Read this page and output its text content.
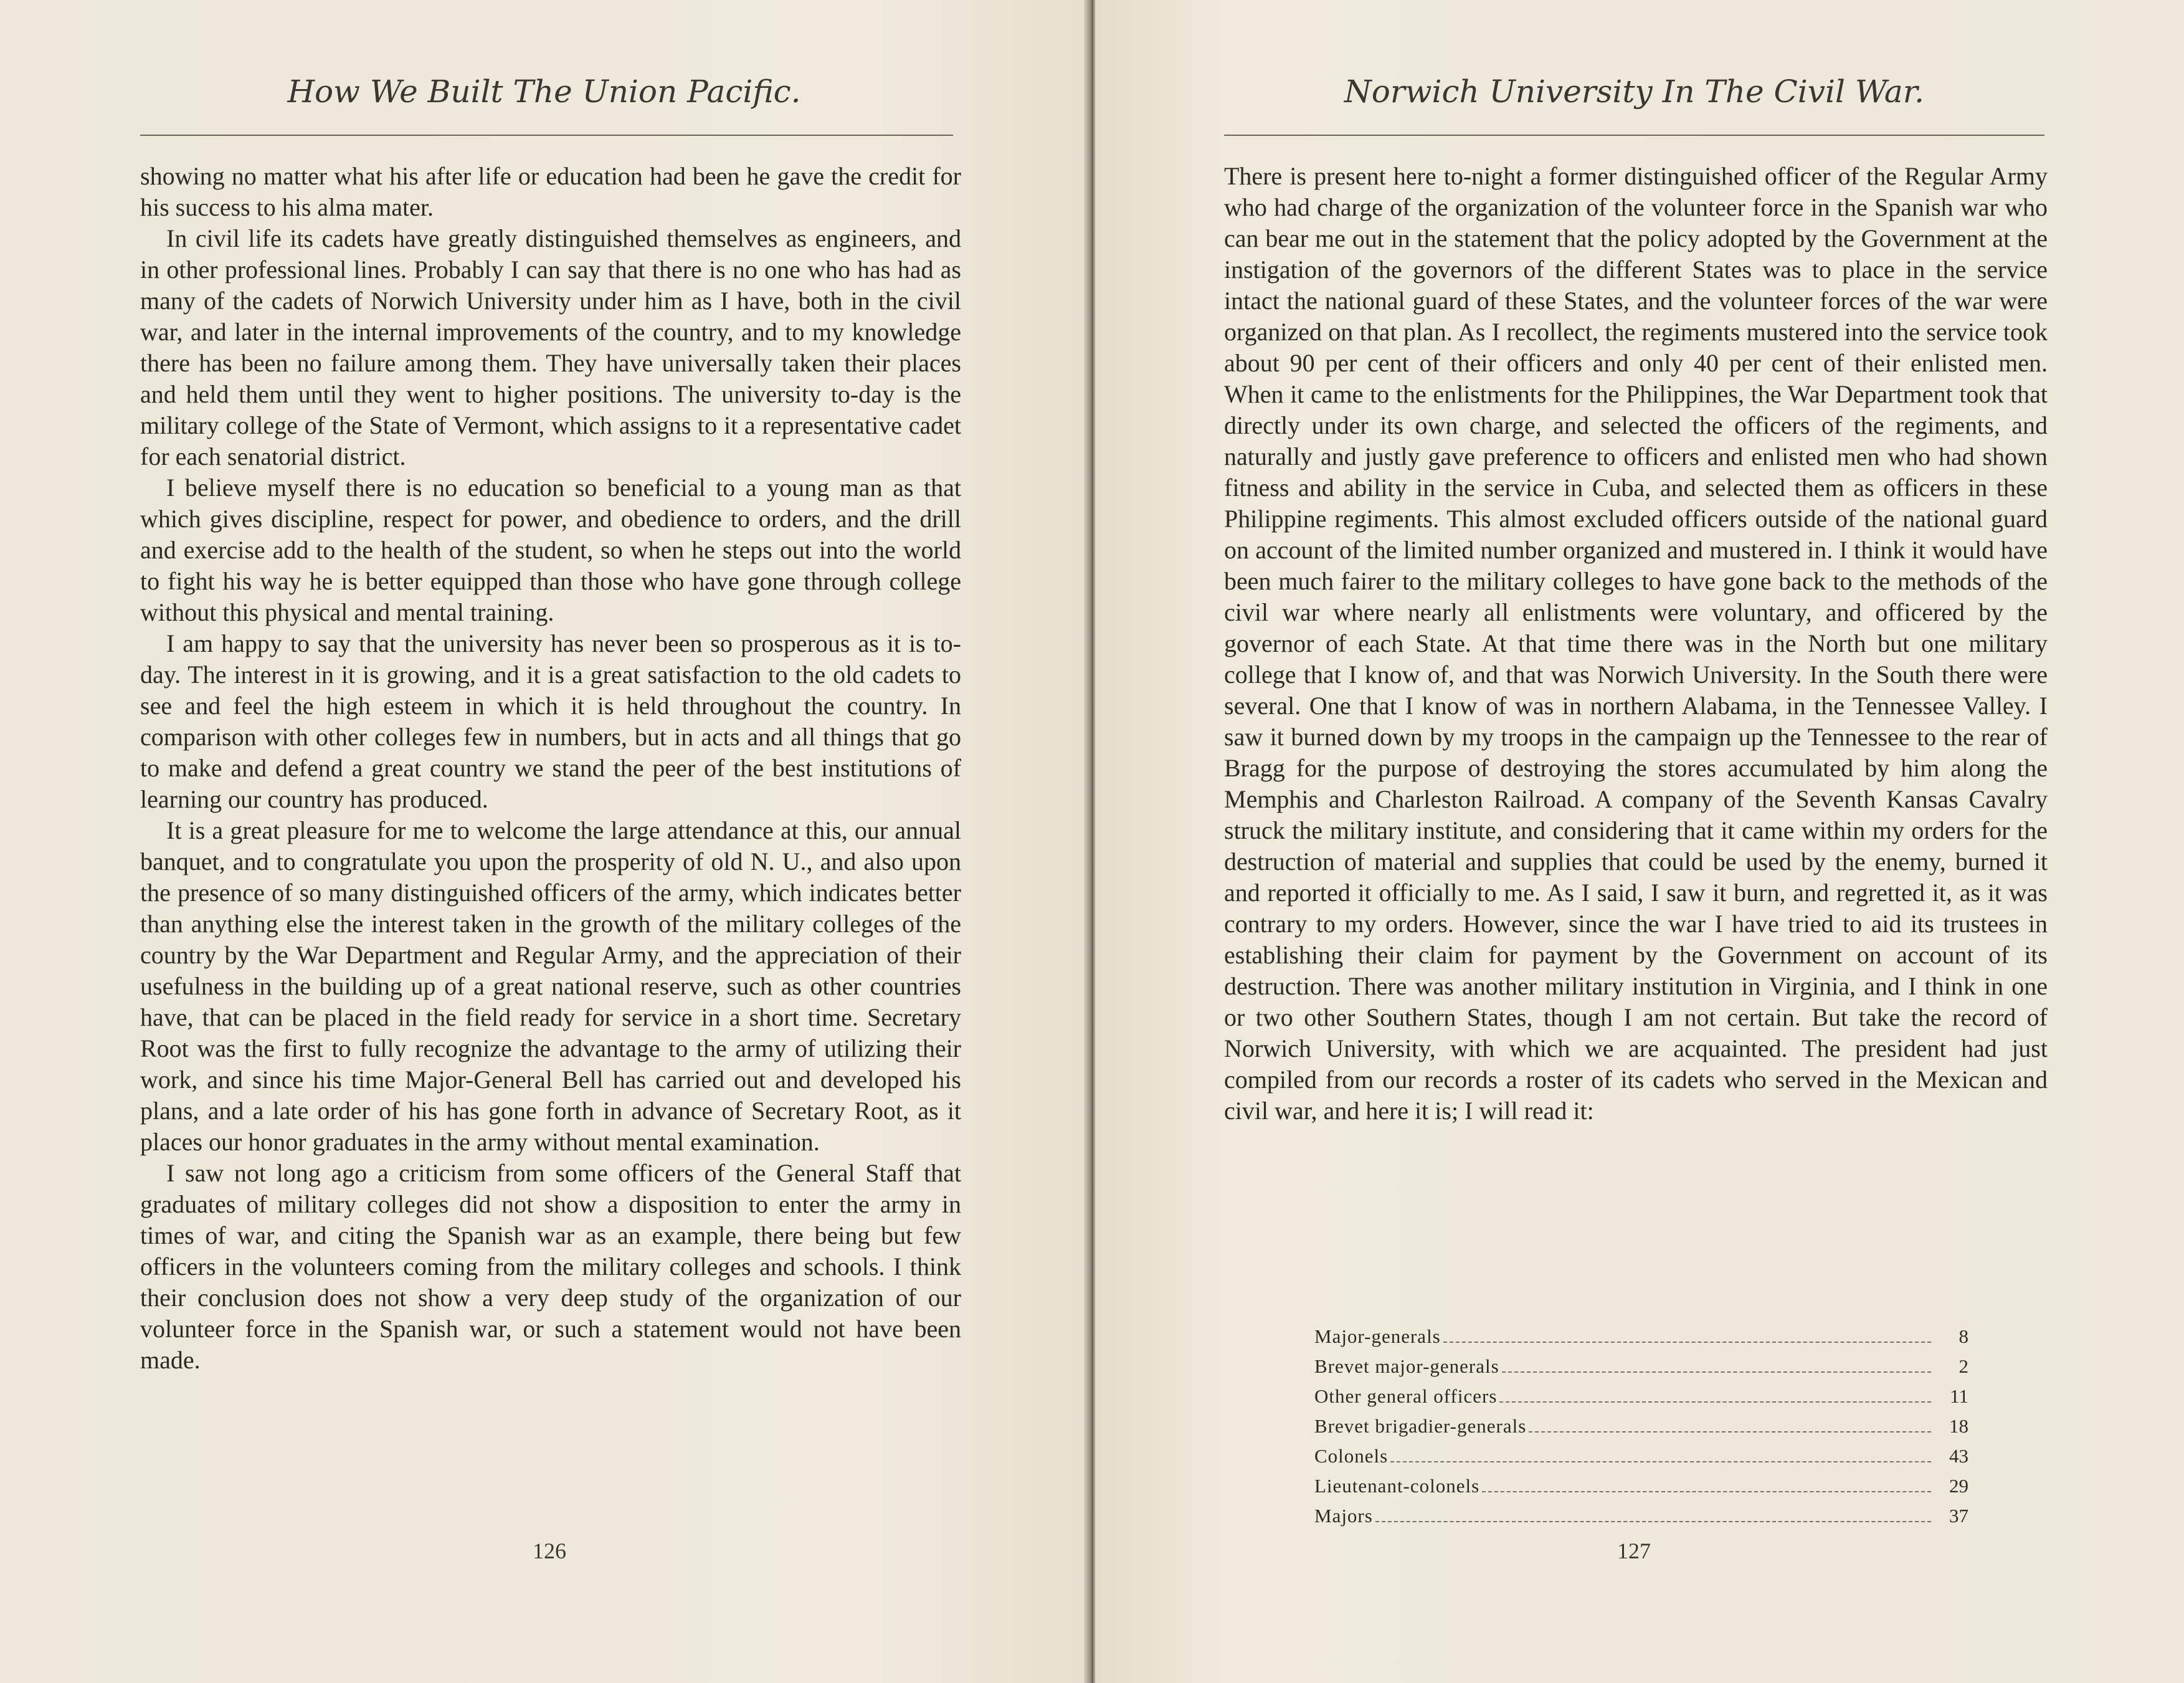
How We Built The Union Pacific.

showing no matter what his after life or education had been he gave the credit for his success to his alma mater.

In civil life its cadets have greatly distinguished themselves as engineers, and in other professional lines. Probably I can say that there is no one who has had as many of the cadets of Norwich University under him as I have, both in the civil war, and later in the internal improvements of the country, and to my knowledge there has been no failure among them. They have universally taken their places and held them until they went to higher positions. The university to-day is the military college of the State of Vermont, which assigns to it a representative cadet for each senatorial district.

I believe myself there is no education so beneficial to a young man as that which gives discipline, respect for power, and obedience to orders, and the drill and exercise add to the health of the student, so when he steps out into the world to fight his way he is better equipped than those who have gone through college without this physical and mental training.

I am happy to say that the university has never been so prosperous as it is to-day. The interest in it is growing, and it is a great satisfaction to the old cadets to see and feel the high esteem in which it is held throughout the country. In comparison with other colleges few in numbers, but in acts and all things that go to make and defend a great country we stand the peer of the best institutions of learning our country has produced.

It is a great pleasure for me to welcome the large attendance at this, our annual banquet, and to congratulate you upon the prosperity of old N. U., and also upon the presence of so many distinguished officers of the army, which indicates better than anything else the interest taken in the growth of the military colleges of the country by the War Department and Regular Army, and the appreciation of their usefulness in the building up of a great national reserve, such as other countries have, that can be placed in the field ready for service in a short time. Secretary Root was the first to fully recognize the advantage to the army of utilizing their work, and since his time Major-General Bell has carried out and developed his plans, and a late order of his has gone forth in advance of Secretary Root, as it places our honor graduates in the army without mental examination.

I saw not long ago a criticism from some officers of the General Staff that graduates of military colleges did not show a disposition to enter the army in times of war, and citing the Spanish war as an example, there being but few officers in the volunteers coming from the military colleges and schools. I think their conclusion does not show a very deep study of the organization of our volunteer force in the Spanish war, or such a statement would not have been made.

126
Norwich University In The Civil War.

There is present here to-night a former distinguished officer of the Regular Army who had charge of the organization of the volunteer force in the Spanish war who can bear me out in the statement that the policy adopted by the Government at the instigation of the governors of the different States was to place in the service intact the national guard of these States, and the volunteer forces of the war were organized on that plan. As I recollect, the regiments mustered into the service took about 90 per cent of their officers and only 40 per cent of their enlisted men. When it came to the enlistments for the Philippines, the War Department took that directly under its own charge, and selected the officers of the regiments, and naturally and justly gave preference to officers and enlisted men who had shown fitness and ability in the service in Cuba, and selected them as officers in these Philippine regiments. This almost excluded officers outside of the national guard on account of the limited number organized and mustered in. I think it would have been much fairer to the military colleges to have gone back to the methods of the civil war where nearly all enlistments were voluntary, and officered by the governor of each State. At that time there was in the North but one military college that I know of, and that was Norwich University. In the South there were several. One that I know of was in northern Alabama, in the Tennessee Valley. I saw it burned down by my troops in the campaign up the Tennessee to the rear of Bragg for the purpose of destroying the stores accumulated by him along the Memphis and Charleston Railroad. A company of the Seventh Kansas Cavalry struck the military institute, and considering that it came within my orders for the destruction of material and supplies that could be used by the enemy, burned it and reported it officially to me. As I said, I saw it burn, and regretted it, as it was contrary to my orders. However, since the war I have tried to aid its trustees in establishing their claim for payment by the Government on account of its destruction. There was another military institution in Virginia, and I think in one or two other Southern States, though I am not certain. But take the record of Norwich University, with which we are acquainted. The president had just compiled from our records a roster of its cadets who served in the Mexican and civil war, and here it is; I will read it:

127
Major-generals	8
Brevet major-generals	2
Other general officers	11
Brevet brigadier-generals	18
Colonels	43
Lieutenant-colonels	29
Majors	37
